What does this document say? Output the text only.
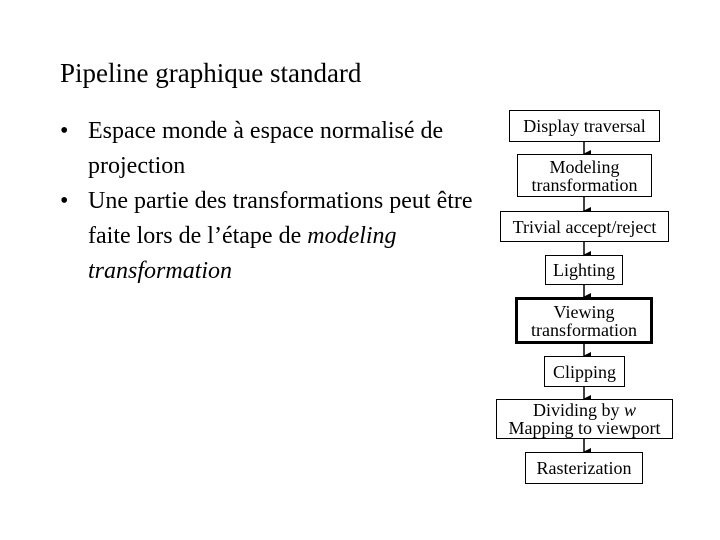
Pipeline graphique standard
• Espace monde à espace normalisé de projection
• Une partie des transformations peut être faite lors de l’étape de modeling transformation
Display traversal
Modeling
transformation
Trivial accept/reject
Lighting
Viewing
transformation
Clipping
Dividing by w
Mapping to viewport
Rasterization
